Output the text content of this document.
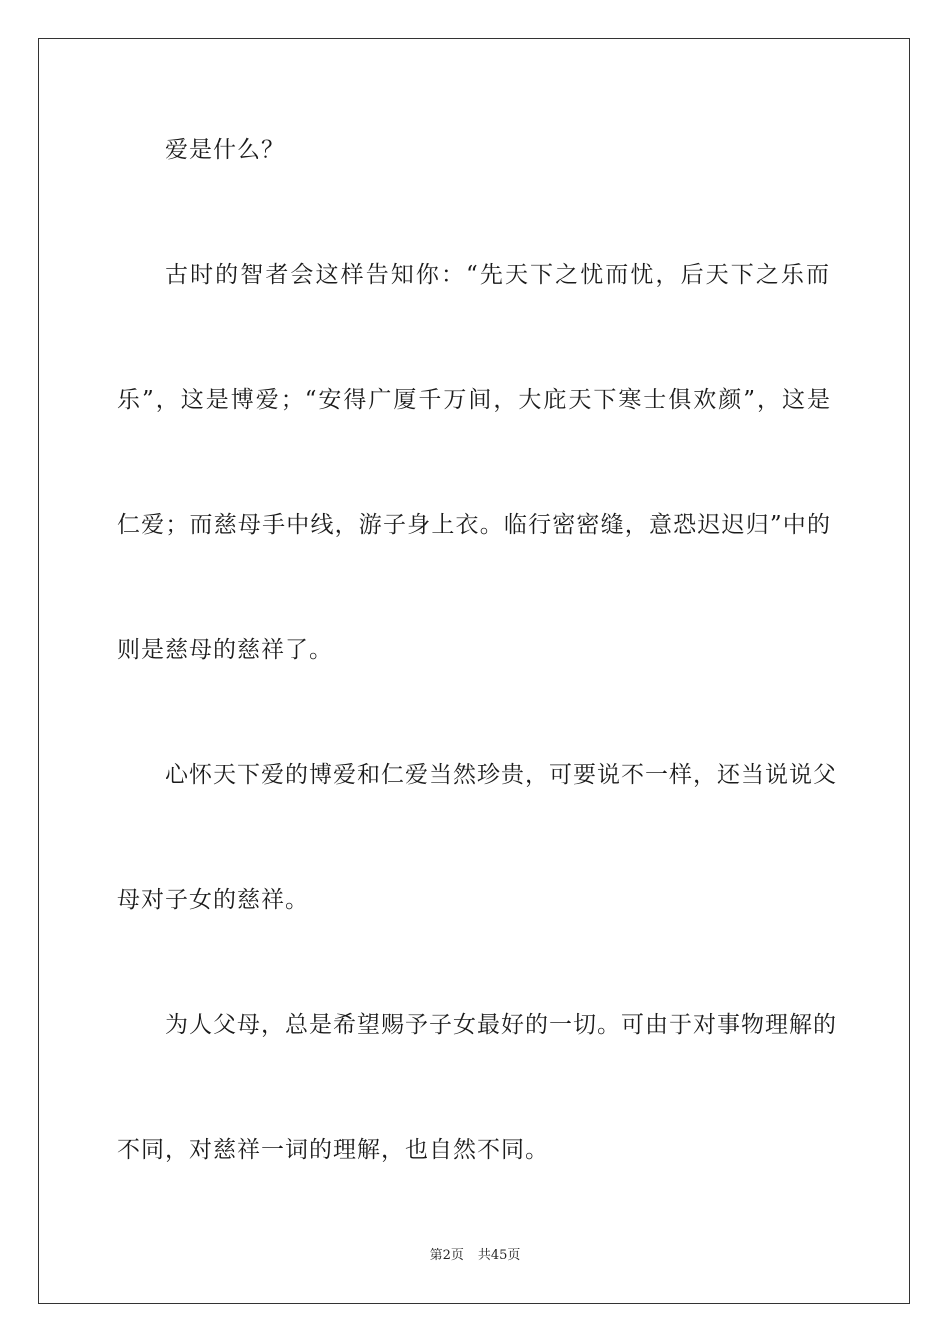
爱是什么？
古时的智者会这样告知你：“先天下之忧而忧，后天下之乐而
乐”，这是博爱；“安得广厦千万间，大庇天下寒士俱欢颜”，这是
仁爱；而慈母手中线，游子身上衣。临行密密缝，意恐迟迟归”中的
则是慈母的慈祥了。
心怀天下爱的博爱和仁爱当然珍贵，可要说不一样，还当说说父
母对子女的慈祥。
为人父母，总是希望赐予子女最好的一切。可由于对事物理解的
不同，对慈祥一词的理解，也自然不同。
第2页 共45页
